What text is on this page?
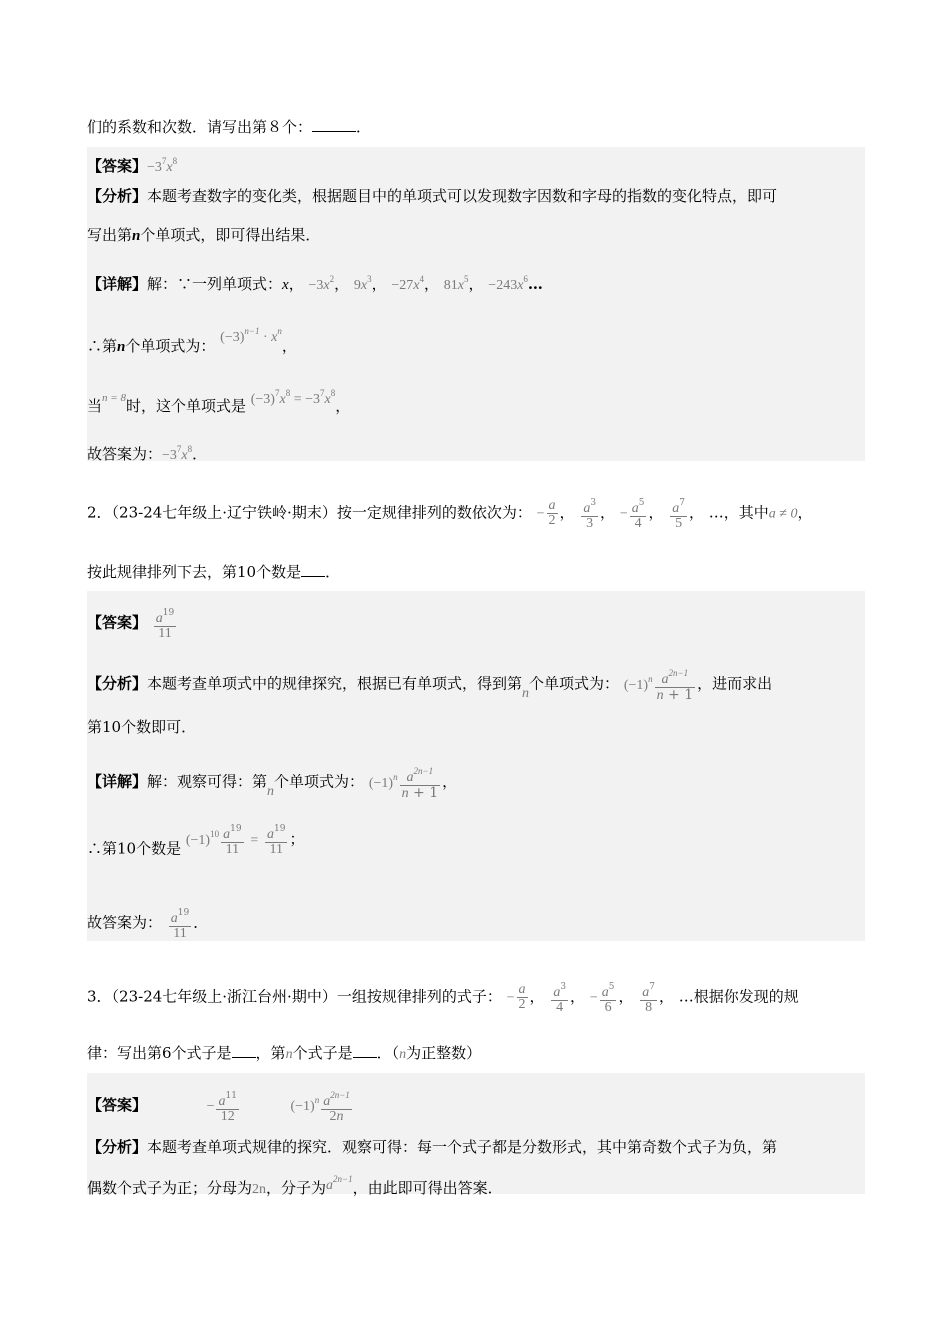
们的系数和次数．请写出第８个：	．
【答案】$-3^7x^8$
【分析】本题考查数字的变化类，根据题目中的单项式可以发现数字因数和字母的指数的变化特点，即可
写出第n个单项式，即可得出结果．
【详解】解：∵一列单项式：x， $-3x^2$， $9x^3$， $-27x^4$， $81x^5$， $-243x^6\dots$
∴第n个单项式为： $(-3)^{n-1} \cdot x^n$，
当$^{n = 8}$时，这个单项式是 $(-3)^7x^8 = -3^7x^8$，
故答案为：$-3^7x^8$．
2．（23-24七年级上·辽宁铁岭·期末）按一定规律排列的数依次为： − $\frac{a}{2}$ ， $\frac{a^3}{3}$ ， − $\frac{a^5}{4}$ ， $\frac{a^7}{5}$ ， …，其中a ≠ 0，
按此规律排列下去，第10个数是 ．
【答案】 $\frac{a^{19}}{11}$
【分析】本题考查单项式中的规律探究，根据已有单项式，得到第n个单项式为： $(-1)^n \frac{a^{2n-1}}{n + 1}$ ，进而求出
第10个数即可．
【详解】解：观察可得：第n个单项式为： $(-1)^n \frac{a^{2n-1}}{n + 1}$ ，
∴第10个数是 $(-1)^{10} \frac{a^{19}}{11} = \frac{a^{19}}{11}$ ；
故答案为： $\frac{a^{19}}{11}$ ．
3．（23-24七年级上·浙江台州·期中）一组按规律排列的式子： − $\frac{a}{2}$ ， $\frac{a^3}{4}$ ， − $\frac{a^5}{6}$ ， $\frac{a^7}{8}$ ， …根据你发现的规
律：写出第6个式子是 ，第n个式子是 ．（n为正整数）
【答案】	− $\frac{a^{11}}{12}$	$(-1)^n \frac{a^{2n-1}}{2n}$
【分析】本题考查单项式规律的探究．观察可得：每一个式子都是分数形式，其中第奇数个式子为负，第
偶数个式子为正；分母为2n，分子为$a^{2n-1}$，由此即可得出答案．
